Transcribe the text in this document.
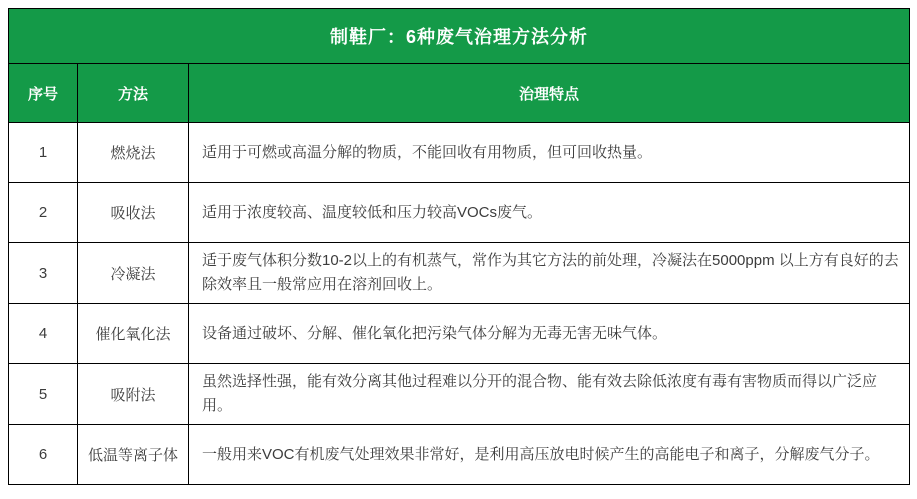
制鞋厂：6种废气治理方法分析		
序号	方法	治理特点
1	燃烧法	适用于可燃或高温分解的物质，不能回收有用物质，但可回收热量。
2	吸收法	适用于浓度较高、温度较低和压力较高VOCs废气。
3	冷凝法	适于废气体积分数10-2以上的有机蒸气，常作为其它方法的前处理，冷凝法在5000ppm 以上方有良好的去除效率且一般常应用在溶剂回收上。
4	催化氧化法	设备通过破坏、分解、催化氧化把污染气体分解为无毒无害无味气体。
5	吸附法	虽然选择性强，能有效分离其他过程难以分开的混合物、能有效去除低浓度有毒有害物质而得以广泛应用。
6	低温等离子体	一般用来VOC有机废气处理效果非常好，是利用高压放电时候产生的高能电子和离子，分解废气分子。
